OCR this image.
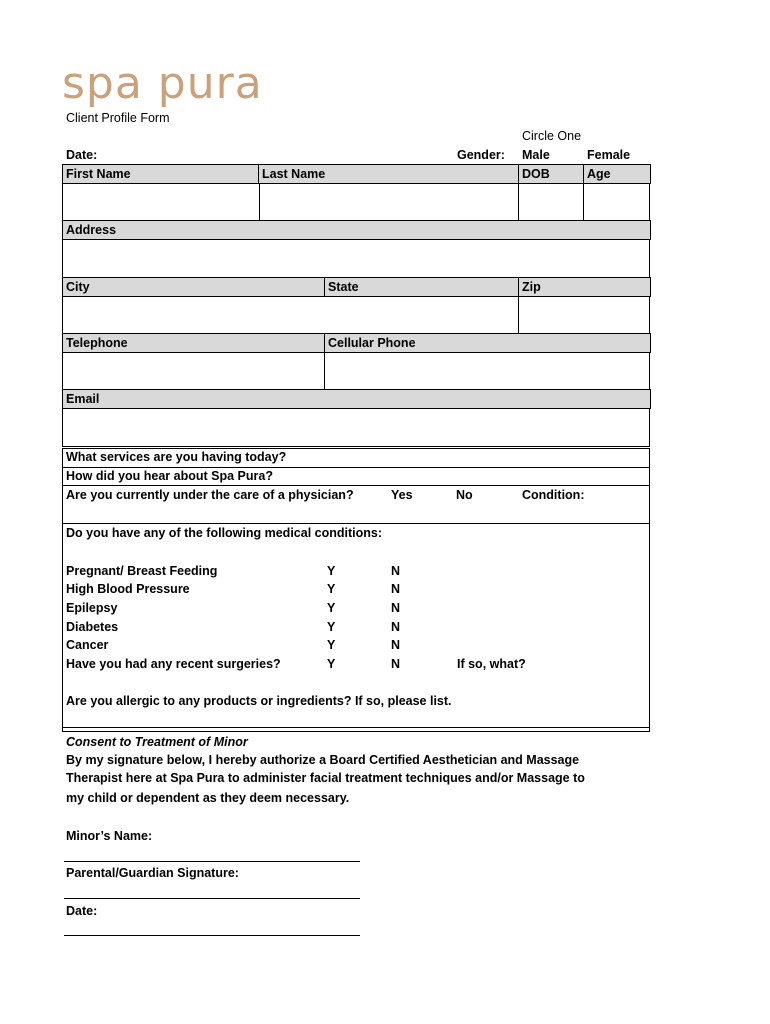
spa pura
Client Profile Form
Circle One
Date:	Gender: Male	Female
First Name	Last Name	DOB	Age
Address
City	State	Zip
Telephone	Cellular Phone
Email
What services are you having today?
How did you hear about Spa Pura?
Are you currently under the care of a physician?	Yes	No	Condition:
Do you have any of the following medical conditions:
Pregnant/ Breast Feeding	Y	N
High Blood Pressure	Y	N
Epilepsy	Y	N
Diabetes	Y	N
Cancer	Y	N
Have you had any recent surgeries?	Y	N	If so, what?
Are you allergic to any products or ingredients? If so, please list.
Consent to Treatment of Minor
By my signature below, I hereby authorize a Board Certified Aesthetician and Massage
Therapist here at Spa Pura to administer facial treatment techniques and/or Massage to
my child or dependent as they deem necessary.
Minor’s Name:
Parental/Guardian Signature:
Date:
